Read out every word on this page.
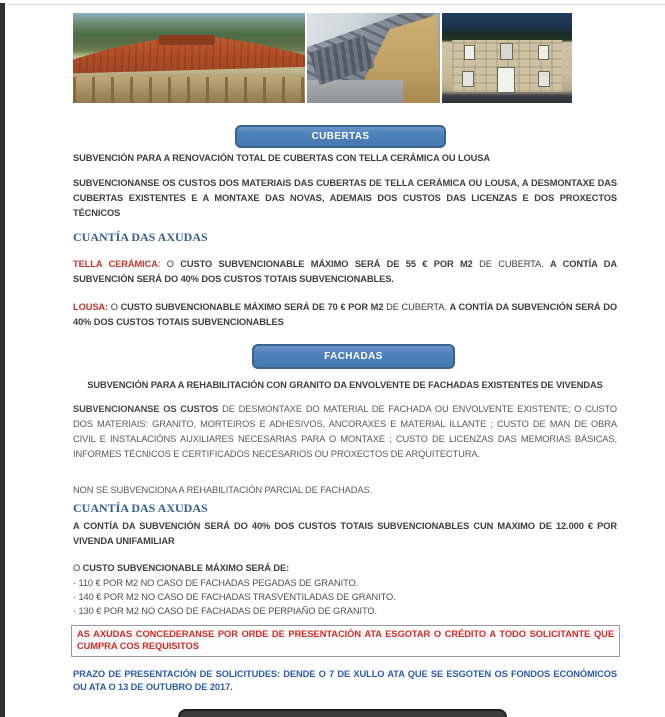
CUBERTAS
SUBVENCIÓN PARA A RENOVACIÓN TOTAL DE CUBERTAS CON TELLA CERÁMICA OU LOUSA
SUBVENCIONANSE OS CUSTOS DOS MATERIAIS DAS CUBERTAS DE TELLA CERÁMICA OU LOUSA, A DESMONTAXE DAS CUBERTAS EXISTENTES E A MONTAXE DAS NOVAS, ADEMAIS DOS CUSTOS DAS LICENZAS E DOS PROXECTOS TÉCNICOS
CUANTÍA DAS AXUDAS
TELLA CERÁMICA: O CUSTO SUBVENCIONABLE MÁXIMO SERÁ DE 55 € POR M2 DE CUBERTA. A CONTÍA DA SUBVENCIÓN SERÁ DO 40% DOS CUSTOS TOTAIS SUBVENCIONABLES.
LOUSA: O CUSTO SUBVENCIONABLE MÁXIMO SERÁ DE 70 € POR M2 DE CUBERTA. A CONTÍA DA SUBVENCIÓN SERÁ DO 40% DOS CUSTOS TOTAIS SUBVENCIONABLES
FACHADAS
SUBVENCIÓN PARA A REHABILITACIÓN CON GRANITO DA ENVOLVENTE DE FACHADAS EXISTENTES DE VIVENDAS
SUBVENCIONANSE OS CUSTOS DE DESMONTAXE DO MATERIAL DE FACHADA OU ENVOLVENTE EXISTENTE; O CUSTO DOS MATERIAIS: GRANITO, MORTEIROS E ADHESIVOS, ANCORAXES E MATERIAL ILLANTE ; CUSTO DE MAN DE OBRA CIVIL E INSTALACIÓNS AUXILIARES NECESARIAS PARA O MONTAXE ; CUSTO DE LICENZAS DAS MEMORIAS BÁSICAS, INFORMES TÉCNICOS E CERTIFICADOS NECESARIOS OU PROXECTOS DE ARQUITECTURA.
NON SE SUBVENCIONA A REHABILITACIÓN PARCIAL DE FACHADAS.
CUANTÍA DAS AXUDAS
A CONTÍA DA SUBVENCIÓN SERÁ DO 40% DOS CUSTOS TOTAIS SUBVENCIONABLES CUN MAXIMO DE 12.000 € POR VIVENDA UNIFAMILIAR
O CUSTO SUBVENCIONABLE MÁXIMO SERÁ DE:
· 110 € POR M2 NO CASO DE FACHADAS PEGADAS DE GRANITO.
· 140 € POR M2 NO CASO DE FACHADAS TRASVENTILADAS DE GRANITO.
· 130 € POR M2 NO CASO DE FACHADAS DE PERPIAÑO DE GRANITO.
AS AXUDAS CONCEDERANSE POR ORDE DE PRESENTACIÓN ATA ESGOTAR O CRÉDITO A TODO SOLICITANTE QUE CUMPRA COS REQUISITOS
PRAZO DE PRESENTACIÓN DE SOLICITUDES: DENDE O 7 DE XULLO ATA QUE SE ESGOTEN OS FONDOS ECONÓMICOS OU ATA O 13 DE OUTUBRO DE 2017.
